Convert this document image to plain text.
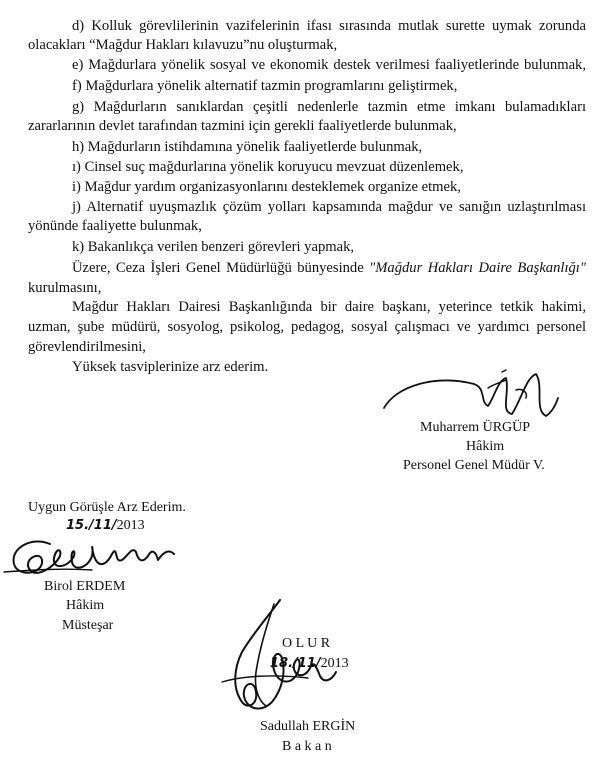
d) Kolluk görevlilerinin vazifelerinin ifası sırasında mutlak surette uymak zorunda
olacakları “Mağdur Hakları kılavuzu”nu oluşturmak,
e) Mağdurlara yönelik sosyal ve ekonomik destek verilmesi faaliyetlerinde bulunmak,
f) Mağdurlara yönelik alternatif tazmin programlarını geliştirmek,
g) Mağdurların sanıklardan çeşitli nedenlerle tazmin etme imkanı bulamadıkları
zararlarının devlet tarafından tazmini için gerekli faaliyetlerde bulunmak,
h) Mağdurların istihdamına yönelik faaliyetlerde bulunmak,
ı) Cinsel suç mağdurlarına yönelik koruyucu mevzuat düzenlemek,
i) Mağdur yardım organizasyonlarını desteklemek organize etmek,
j) Alternatif uyuşmazlık çözüm yolları kapsamında mağdur ve sanığın uzlaştırılması
yönünde faaliyette bulunmak,
k) Bakanlıkça verilen benzeri görevleri yapmak,
Üzere, Ceza İşleri Genel Müdürlüğü bünyesinde "Mağdur Hakları Daire Başkanlığı"
kurulmasını,
Mağdur Hakları Dairesi Başkanlığında bir daire başkanı, yeterince tetkik hakimi,
uzman, şube müdürü, sosyolog, psikolog, pedagog, sosyal çalışmacı ve yardımcı personel
görevlendirilmesini,
Yüksek tasviplerinize arz ederim.
Muharrem ÜRGÜP
Hâkim
Personel Genel Müdür V.
Uygun Görüşle Arz Ederim.
15./11/2013
Birol ERDEM
Hâkim
Müsteşar
O L U R
18./11/2013
Sadullah ERGİN
B a k a n
